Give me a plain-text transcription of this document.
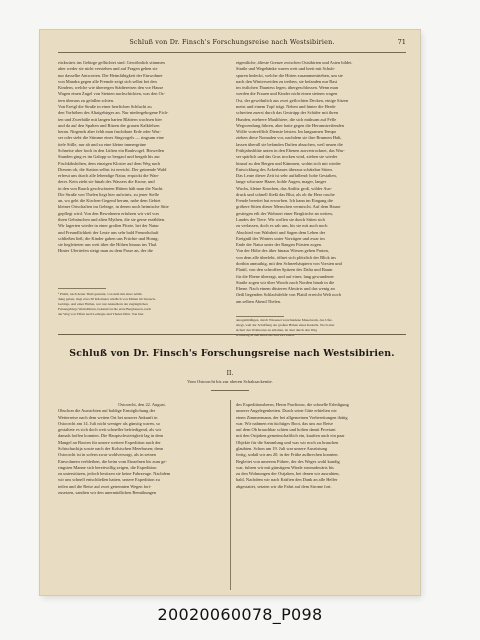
Schluß von Dr. Finsch's Forschungsreise nach Westsibirien.	71
rückwärts ins Gebirge geflüchtet sind. Gewöhnlich stimmen
aber weder sie nicht verstehen und auf Fragen geben sie
nur dasselbe Antworten. Die Heimfähigkeit der Einwohner
von Mandra gegen alle Fremde zeigt sich selbst bei den
Kindern, welche wie überregen Städtereisen den vor Hause
Wagen einen Zugel von Steinen nachschickten, was den Os-
tern überaus zu gefallen schien.
Von Ereigl die Straße in einer herrlichen Schlucht zu
den Vorhöhen des Altaigebirges an. Nur niedergebogene Fich-
ten und Zwerbäße mit langen harten Blättern wachsen hier
und da auf den Spalten und Ritzen der grauen Kalkfelsen
heran. Nirgends aber fehlt man fruchtbare Erde oder Was-
ser oder sieht die Stimme eines Singvogels — ringsum eine
tiefe Stille, nur ab und zu eine kleine immergrüne
Schneise aber hoch in den Lüften ein Raubvogel. Bisweilen
Stunden ging es im Galopp so bergauf und bergab bis zur
Fischkibshöhen, dem einzigen Kloster auf dem Weg nach
Diesem ob, die Station selbst ist erreicht. Der grünende Wald
erfreut uns durch alle lebendige Natur, erquickt die Wan-
derer. Kein zieht sie hinab des Wassers die Krone, und
in den von Rauch geschwärzten Hütten hält man die Nacht.
Die Straße von Thelen liegt hier aufwärts, zu jener Stelle
an, wo geht die Kirchen-Gegend herum, nahe dem Gebiet
kleiner Ortschaften im Gebirge, in denen noch heimische Sitte
gepflegt wird. Von den Bewohnern erfuhren wir viel von
ihren Gebräuchen und alten Mythen, die sie gerne erzählten.
Wir lagerten wieder in einer großen Pforte, bei der Natur
und Freundlichkeit der Leute uns sehr bald Freundschaft
schließen ließ; die Kinder gaben uns Früchte und Honig;
sie begleiteten uns weit über die Höhen hinaus ins Thal.
Hinter Ufertiefen steigt man zu dem Passe an, der die
eigentliche, älteste Grenze zwischen Ostsibirien und Asien bildet.
Straße und Wegebänke waren weit und breit mit Schuh-
spuren bedeckt, welche die Hirten zusammentrieben, um sie
nach den Winterweiden zu treiben, sie befanden nur Rast
im östlichen Thuntess legen, übergeschlossen. Wenn man
werden die Frauen und Kinder nicht einen steinen wagen
Ost, der gewöhnlich aus zwei geflochten Decken, einige Sitzen
meist und einem Topf trägt. Neben und hinter die Herde
schreiten zuerst durch das Gestrüpp der Schäfer mit ihren
Hunden, mehrere Maulthiere, die sich mühsam auf Felle
Wegwendung führen, aber hatte gegen die Herumstreifenden
Wölfe vortrefflich Dienste leisten. Im langsamen Tempo
ziehen diese Nomaden vor, nachdem sie ihre Brunnen Halt,
lassen überall sie befanden Duften absuchen, weil neuen die
Frühjahrsblüte unten in den Ebenen ausvertrocknet, das Was-
ser spärlich und das Gras trocken wird, ziehen sie wieder
hinauf zu den Bergen und Kämmen, wohin sich mit wieder
Entwicklung des Ackerbaues überaus schätzbar Sitten.
Das Leute dieser Zeit ist sehr auffallend: hohe Gestalten,
lange schwarze Haare, hohle Augen, mager, langer
Wuchs, kleine Knochen, das Antlitz groß, wilder Aus-
druck und schnell fließt das Blut, als ob ihr Herz rasche
Freude bereitet hat erworben. Ich kann im Eingang die
gröbere Sitten dieser Menschen vermischt. Auf dem Hause
gestiegen eilt der Wohnort einer Bergkirche an weiten,
Landes der Tiere. Wir wollen sie durch Sitten sich
zu verlassen, doch es sah uns, bis sie mit auch noch
Abschied von Wahrheit und Sagen dem Leben der
Ereigniß des Winters unter Vorzügen und zwar im
Ende der Natur unter der Rangen Fürsten zogen.
Von der Höhe des über hinaus Wiesen gehen Pasten,
von dem alle überlebt, öffnet sich plötzlich der Blick ins
dorthin anmuthig, mit den Schneehäuptern von Vorsten und
Plattil, von den schroffen Spitzen des Dalia und Baum
für die Ebene überragt, und auf einer, lang gewundener
Straße zogen wir über Woods nach Norden hinab in die
Ebene. Nach einem düsteren Abwärts und das wenig an
fleiß liegenden Schlachtfelde von Plattil erreicht Welt noch
am selben Abend Thelen.
¹ Plattil, nach deren Theil genannt, von dem mit einer Abbil-
dung geben, liegt etwa 30 Kilometer nördlich von Mitten im Versuch-
Gebirge. Auf einer Hallen, wer nur Ansiedlern der zugänglichen
Felsengebirge Westsibirien, bekannt ist die erste Bergbauern, nach
der Weg von Tüfen nach Lemogie und Thelen führt. Von hier
anregelmäßigen, durch Wiesenei verschiedene Mauerwerk, das Ufer-
stiegt, weil der Schaffung der großen Höhen eines Kastells. Noch aber
sichert des Wohnortes zu erhalten, ist aber durch den Weg
schwierig in den Ritze der sich zu Felsen.
Schluß von Dr. Finsch's Forschungsreise nach Westsibirien.
II.
Vom Ostoorcht bis zur oberen Schaksackentie.
Ostoorcht, den 22. August.
Obschon die Aussichten auf baldige Ermöglichung der
Weiterreise nach dem weiten Ost bei unserer Ankunft in
Ostoorcht am 14. Juli nicht weniger als günstig waren, so
gestaltete es sich doch weit schneller befriedigend, als wir
damals hoffen konnten. Die Hauptschwierigkeit lag in dem
Mangel an Booten für unsere weitere Expedition nach der
Schtschuckija sowie nach der Kolsischen Meerbusen; denn
Ostoorcht ist in sofern zwar wohlversorgt, als in seinen
Einwohnern verbleiben, die beim vom Einzelnen bis zum ge-
ringsten Manne sich bereitwillig zeigen, die Expedition
zu unterstützen, jedoch besitzen sie keine Fahrzeuge. Nachdem
wir uns schnell entschließen hatten, unsere Expedition zu
teilen und die Reise auf zwei getrennten Wegen fort-
zusetzen, sandten wir den unermüdlichen Bemühungen
des Expeditionsherrn, Herrn Pawlinow, die schnelle Erledigung
unserer Angelegenheiten. Durch seine Güte erhielten wir
einen Zimmermann, der bei allgemeinen Vorbereitungen thätig
war. Wir nahmen ein tüchtiges Boot, das uns zur Reise
auf dem Ob brauchbar schien und holten damit Proviant
mit den Ostjaken gemeinschaftlich ein, kauften auch ein paar
Objekte für die Sammlung und was wir noch zu brauchen
glaubten. Schon am 19. Juli war unsere Ausrüstung
fertig, sodaß wir am 20. in der Frühe aufbrechen konnten.
Begleitet von unserem Führer, der des Weges wohl kundig
war, fuhren wir mit günstigem Winde stromabwärts bis
zu den Wohnungen der Ostjaken, bei denen wir ausruhten,
bald, Nachdem wir nach Kräften den Dank an alle Helfer
abgestattet, setzten wir die Fahrt auf dem Strome fort.
20020060078_P098
